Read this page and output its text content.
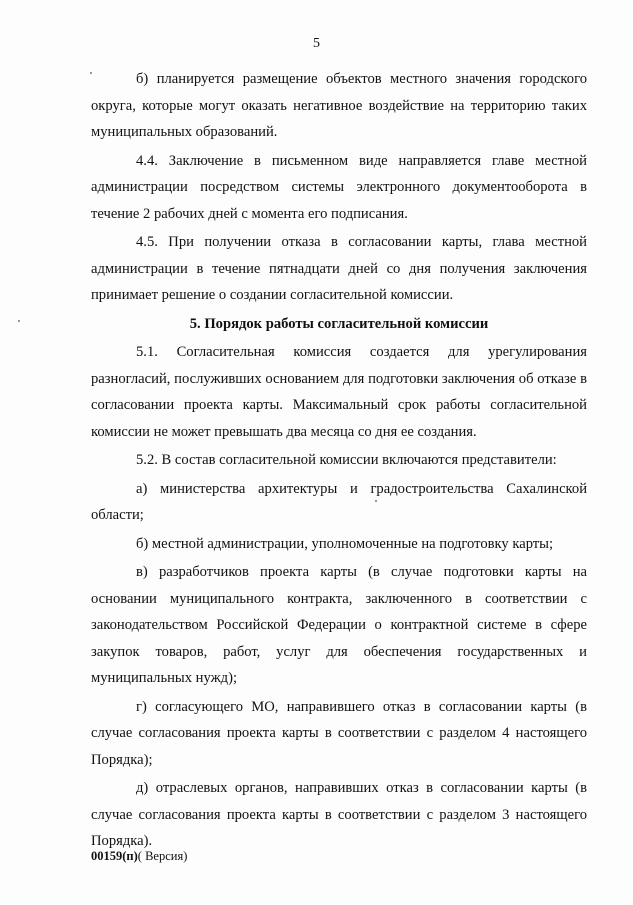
5

б) планируется размещение объектов местного значения городского округа, которые могут оказать негативное воздействие на территорию таких муниципальных образований.

4.4. Заключение в письменном виде направляется главе местной администрации посредством системы электронного документооборота в течение 2 рабочих дней с момента его подписания.

4.5. При получении отказа в согласовании карты, глава местной администрации в течение пятнадцати дней со дня получения заключения принимает решение о создании согласительной комиссии.

5. Порядок работы согласительной комиссии

5.1. Согласительная комиссия создается для урегулирования разногласий, послуживших основанием для подготовки заключения об отказе в согласовании проекта карты. Максимальный срок работы согласительной комиссии не может превышать два месяца со дня ее создания.

5.2. В состав согласительной комиссии включаются представители:

а) министерства архитектуры и градостроительства Сахалинской области;

б) местной администрации, уполномоченные на подготовку карты;

в) разработчиков проекта карты (в случае подготовки карты на основании муниципального контракта, заключенного в соответствии с законодательством Российской Федерации о контрактной системе в сфере закупок товаров, работ, услуг для обеспечения государственных и муниципальных нужд);

г) согласующего МО, направившего отказ в согласовании карты (в случае согласования проекта карты в соответствии с разделом 4 настоящего Порядка);

д) отраслевых органов, направивших отказ в согласовании карты (в случае согласования проекта карты в соответствии с разделом 3 настоящего Порядка).

00159(п)( Версия)
